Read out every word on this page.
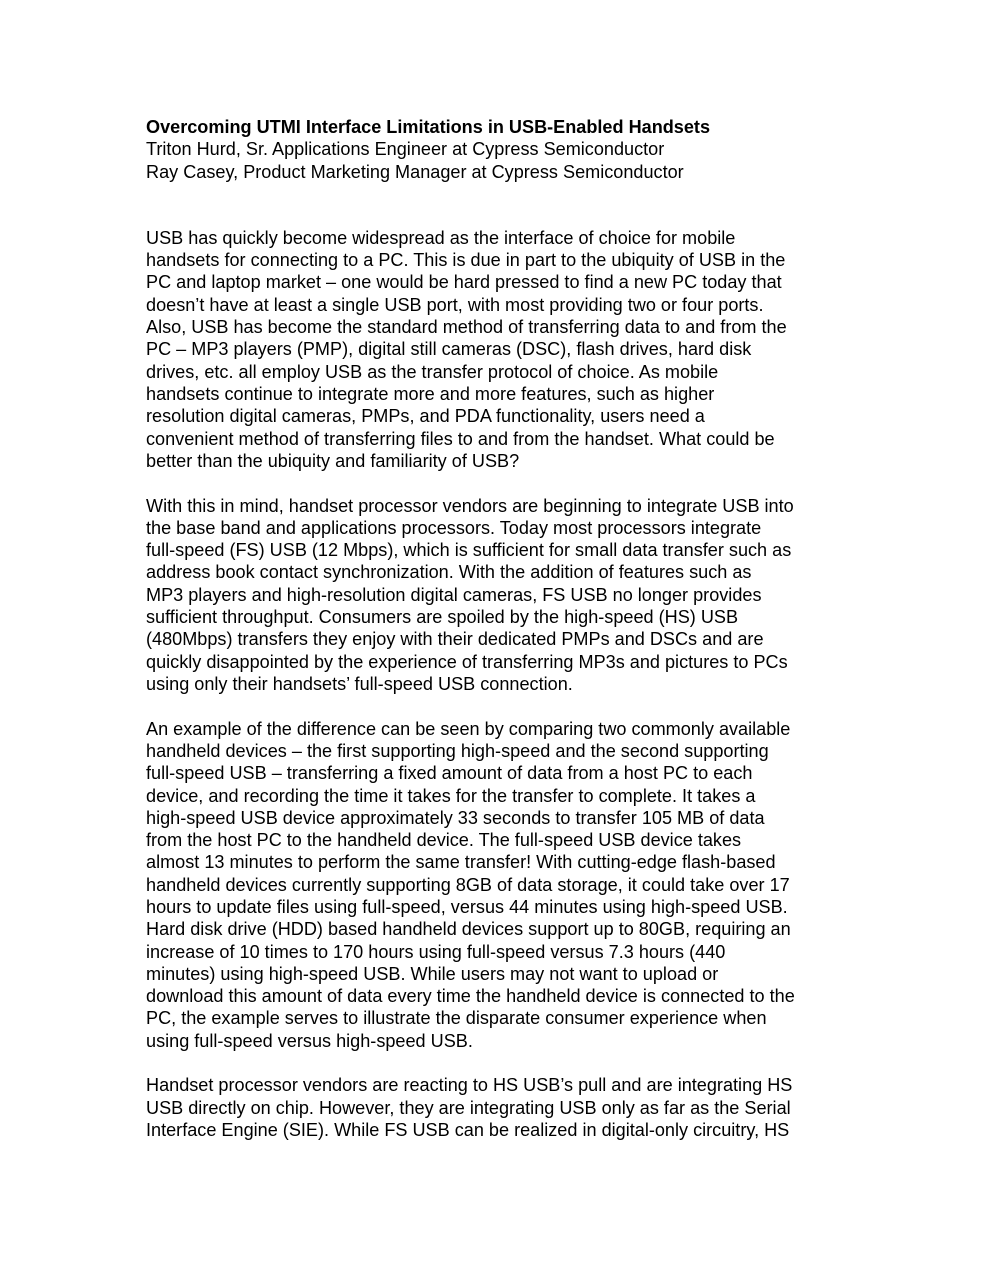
Overcoming UTMI Interface Limitations in USB-Enabled Handsets

Triton Hurd, Sr. Applications Engineer at Cypress Semiconductor

Ray Casey, Product Marketing Manager at Cypress Semiconductor

USB has quickly become widespread as the interface of choice for mobile
handsets for connecting to a PC. This is due in part to the ubiquity of USB in the
PC and laptop market – one would be hard pressed to find a new PC today that
doesn’t have at least a single USB port, with most providing two or four ports.
Also, USB has become the standard method of transferring data to and from the
PC – MP3 players (PMP), digital still cameras (DSC), flash drives, hard disk
drives, etc. all employ USB as the transfer protocol of choice. As mobile
handsets continue to integrate more and more features, such as higher
resolution digital cameras, PMPs, and PDA functionality, users need a
convenient method of transferring files to and from the handset. What could be
better than the ubiquity and familiarity of USB?

With this in mind, handset processor vendors are beginning to integrate USB into
the base band and applications processors. Today most processors integrate
full-speed (FS) USB (12 Mbps), which is sufficient for small data transfer such as
address book contact synchronization. With the addition of features such as
MP3 players and high-resolution digital cameras, FS USB no longer provides
sufficient throughput. Consumers are spoiled by the high-speed (HS) USB
(480Mbps) transfers they enjoy with their dedicated PMPs and DSCs and are
quickly disappointed by the experience of transferring MP3s and pictures to PCs
using only their handsets’ full-speed USB connection.

An example of the difference can be seen by comparing two commonly available
handheld devices – the first supporting high-speed and the second supporting
full-speed USB – transferring a fixed amount of data from a host PC to each
device, and recording the time it takes for the transfer to complete. It takes a
high-speed USB device approximately 33 seconds to transfer 105 MB of data
from the host PC to the handheld device. The full-speed USB device takes
almost 13 minutes to perform the same transfer! With cutting-edge flash-based
handheld devices currently supporting 8GB of data storage, it could take over 17
hours to update files using full-speed, versus 44 minutes using high-speed USB.
Hard disk drive (HDD) based handheld devices support up to 80GB, requiring an
increase of 10 times to 170 hours using full-speed versus 7.3 hours (440
minutes) using high-speed USB. While users may not want to upload or
download this amount of data every time the handheld device is connected to the
PC, the example serves to illustrate the disparate consumer experience when
using full-speed versus high-speed USB.

Handset processor vendors are reacting to HS USB’s pull and are integrating HS
USB directly on chip. However, they are integrating USB only as far as the Serial
Interface Engine (SIE). While FS USB can be realized in digital-only circuitry, HS
